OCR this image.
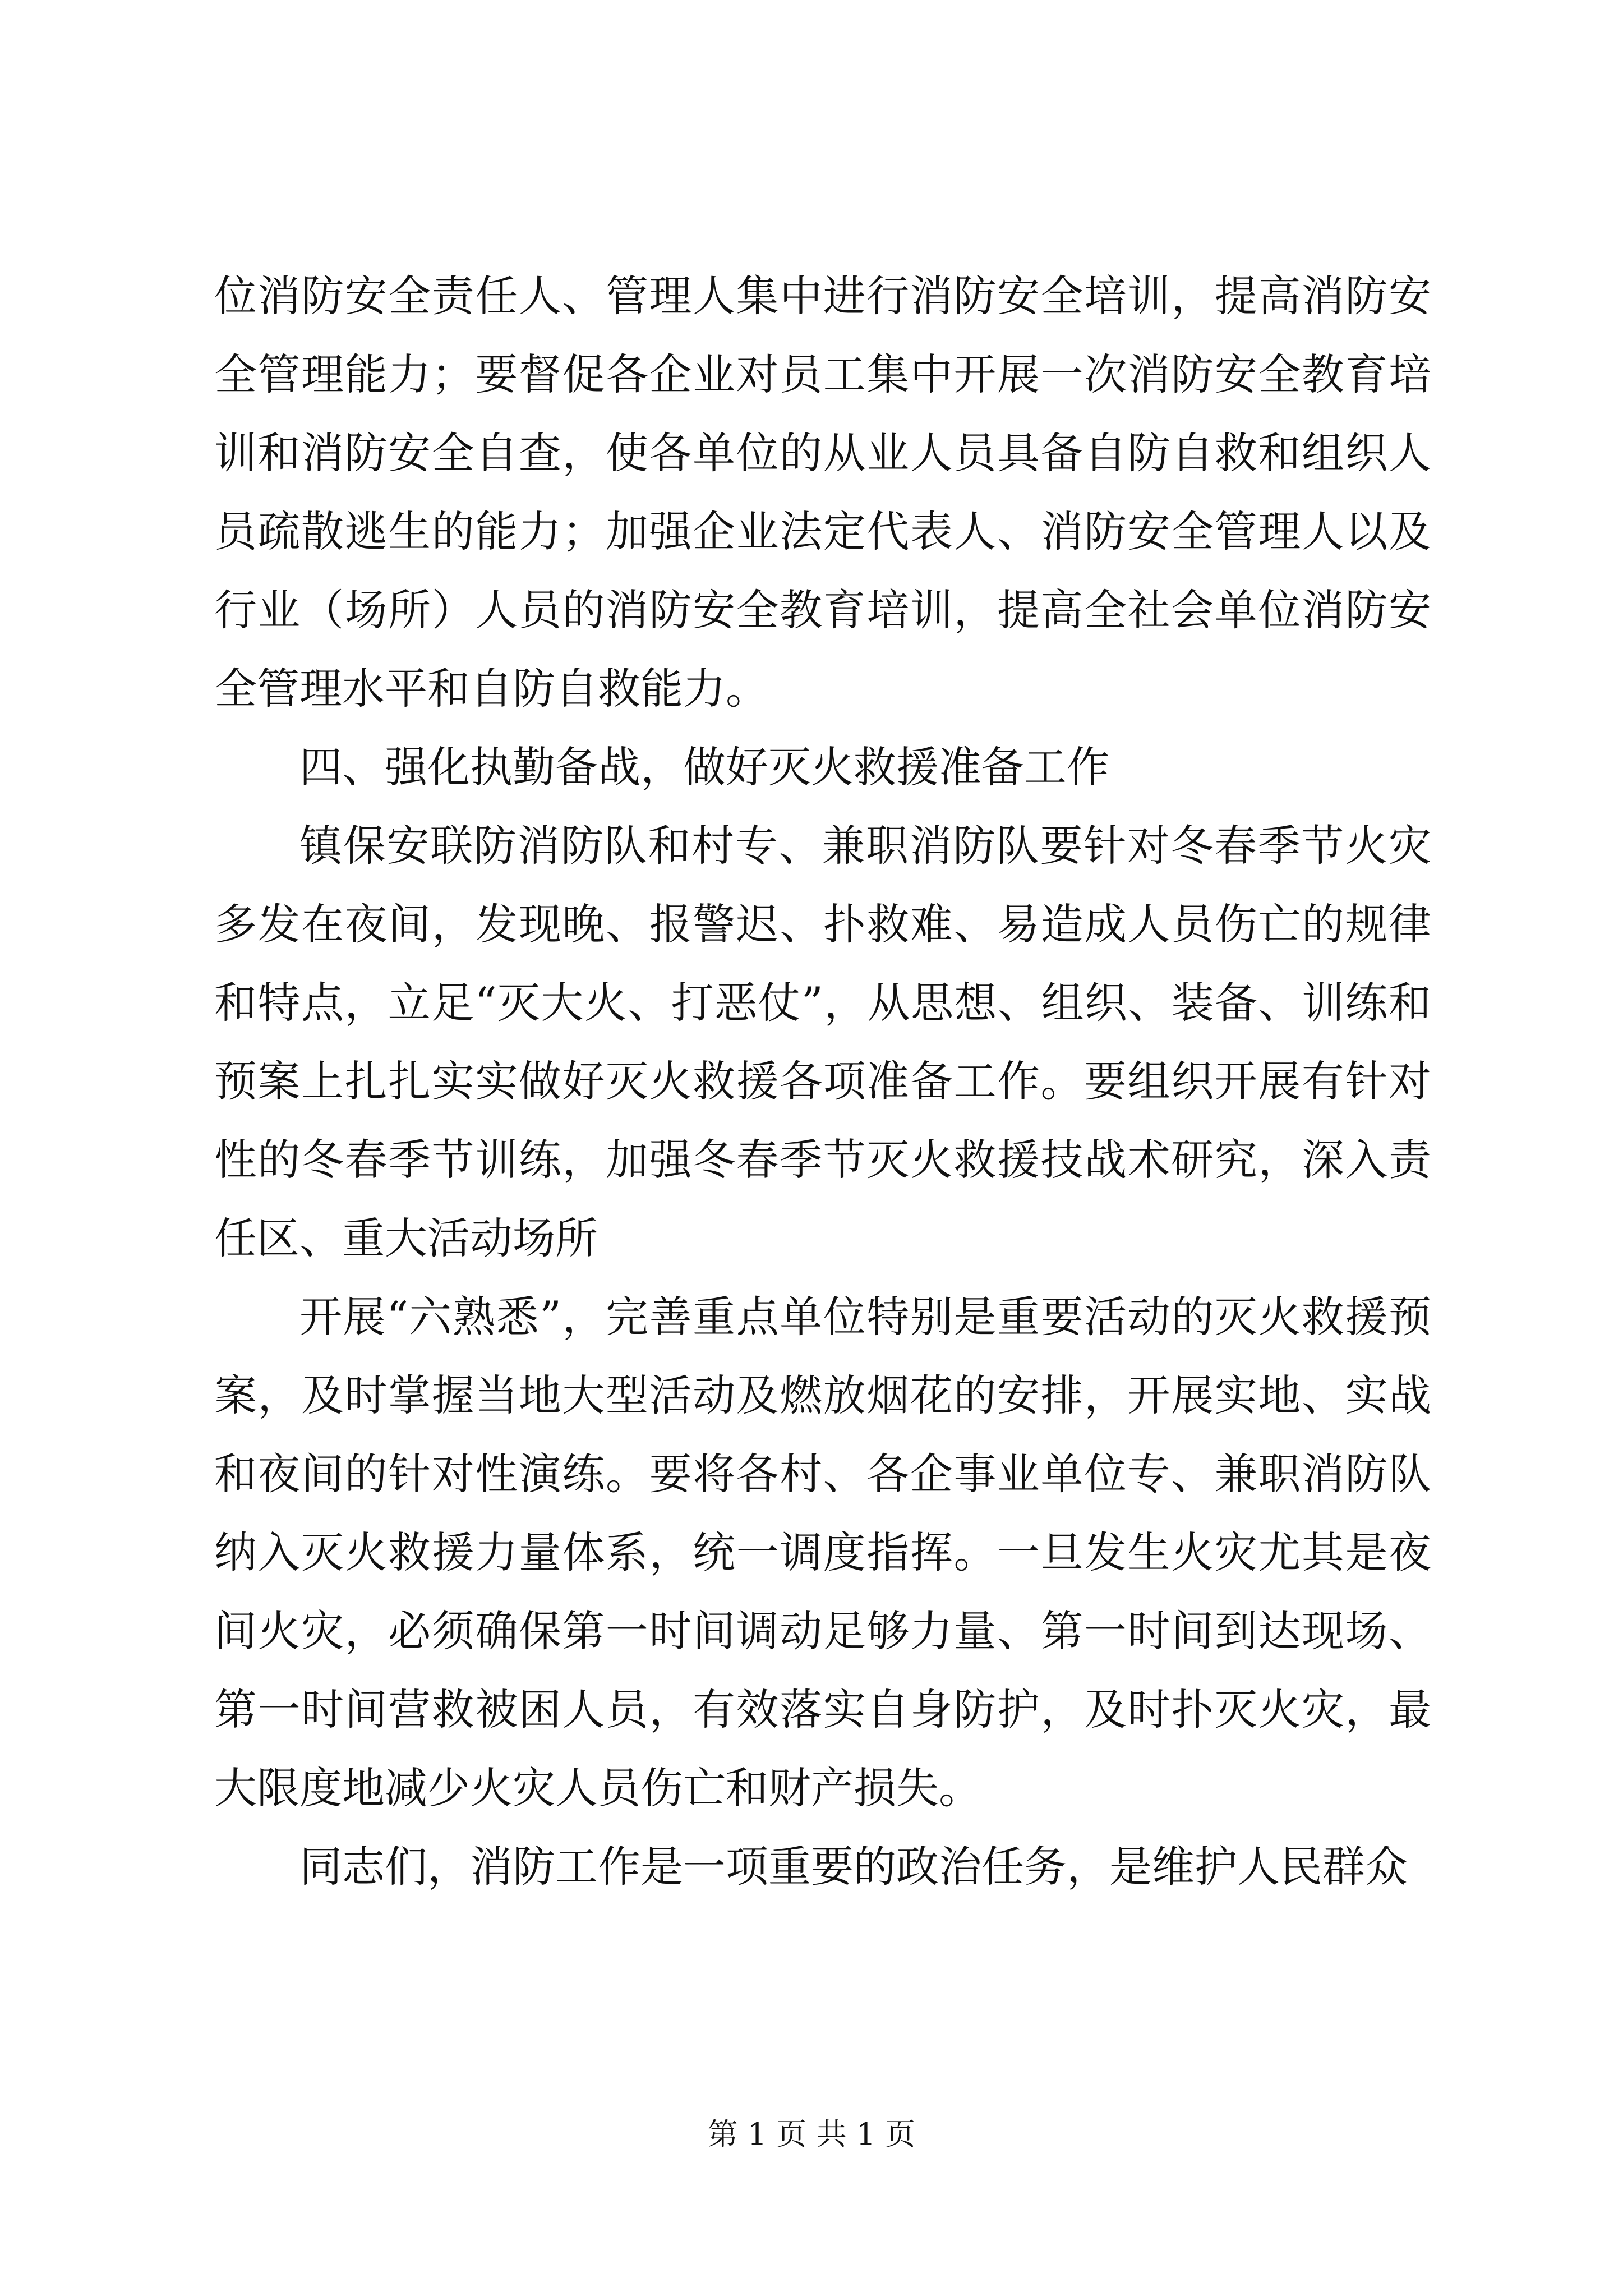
位消防安全责任人、管理人集中进行消防安全培训，提高消防安全管理能力；要督促各企业对员工集中开展一次消防安全教育培训和消防安全自查，使各单位的从业人员具备自防自救和组织人员疏散逃生的能力；加强企业法定代表人、消防安全管理人以及行业（场所）人员的消防安全教育培训，提高全社会单位消防安全管理水平和自防自救能力。

四、强化执勤备战，做好灭火救援准备工作

镇保安联防消防队和村专、兼职消防队要针对冬春季节火灾多发在夜间，发现晚、报警迟、扑救难、易造成人员伤亡的规律和特点，立足“灭大火、打恶仗”，从思想、组织、装备、训练和预案上扎扎实实做好灭火救援各项准备工作。要组织开展有针对性的冬春季节训练，加强冬春季节灭火救援技战术研究，深入责任区、重大活动场所

开展“六熟悉”，完善重点单位特别是重要活动的灭火救援预案，及时掌握当地大型活动及燃放烟花的安排，开展实地、实战和夜间的针对性演练。要将各村、各企事业单位专、兼职消防队纳入灭火救援力量体系，统一调度指挥。一旦发生火灾尤其是夜间火灾，必须确保第一时间调动足够力量、第一时间到达现场、第一时间营救被困人员，有效落实自身防护，及时扑灭火灾，最大限度地减少火灾人员伤亡和财产损失。

同志们，消防工作是一项重要的政治任务，是维护人民群众

第 1 页 共 1 页
